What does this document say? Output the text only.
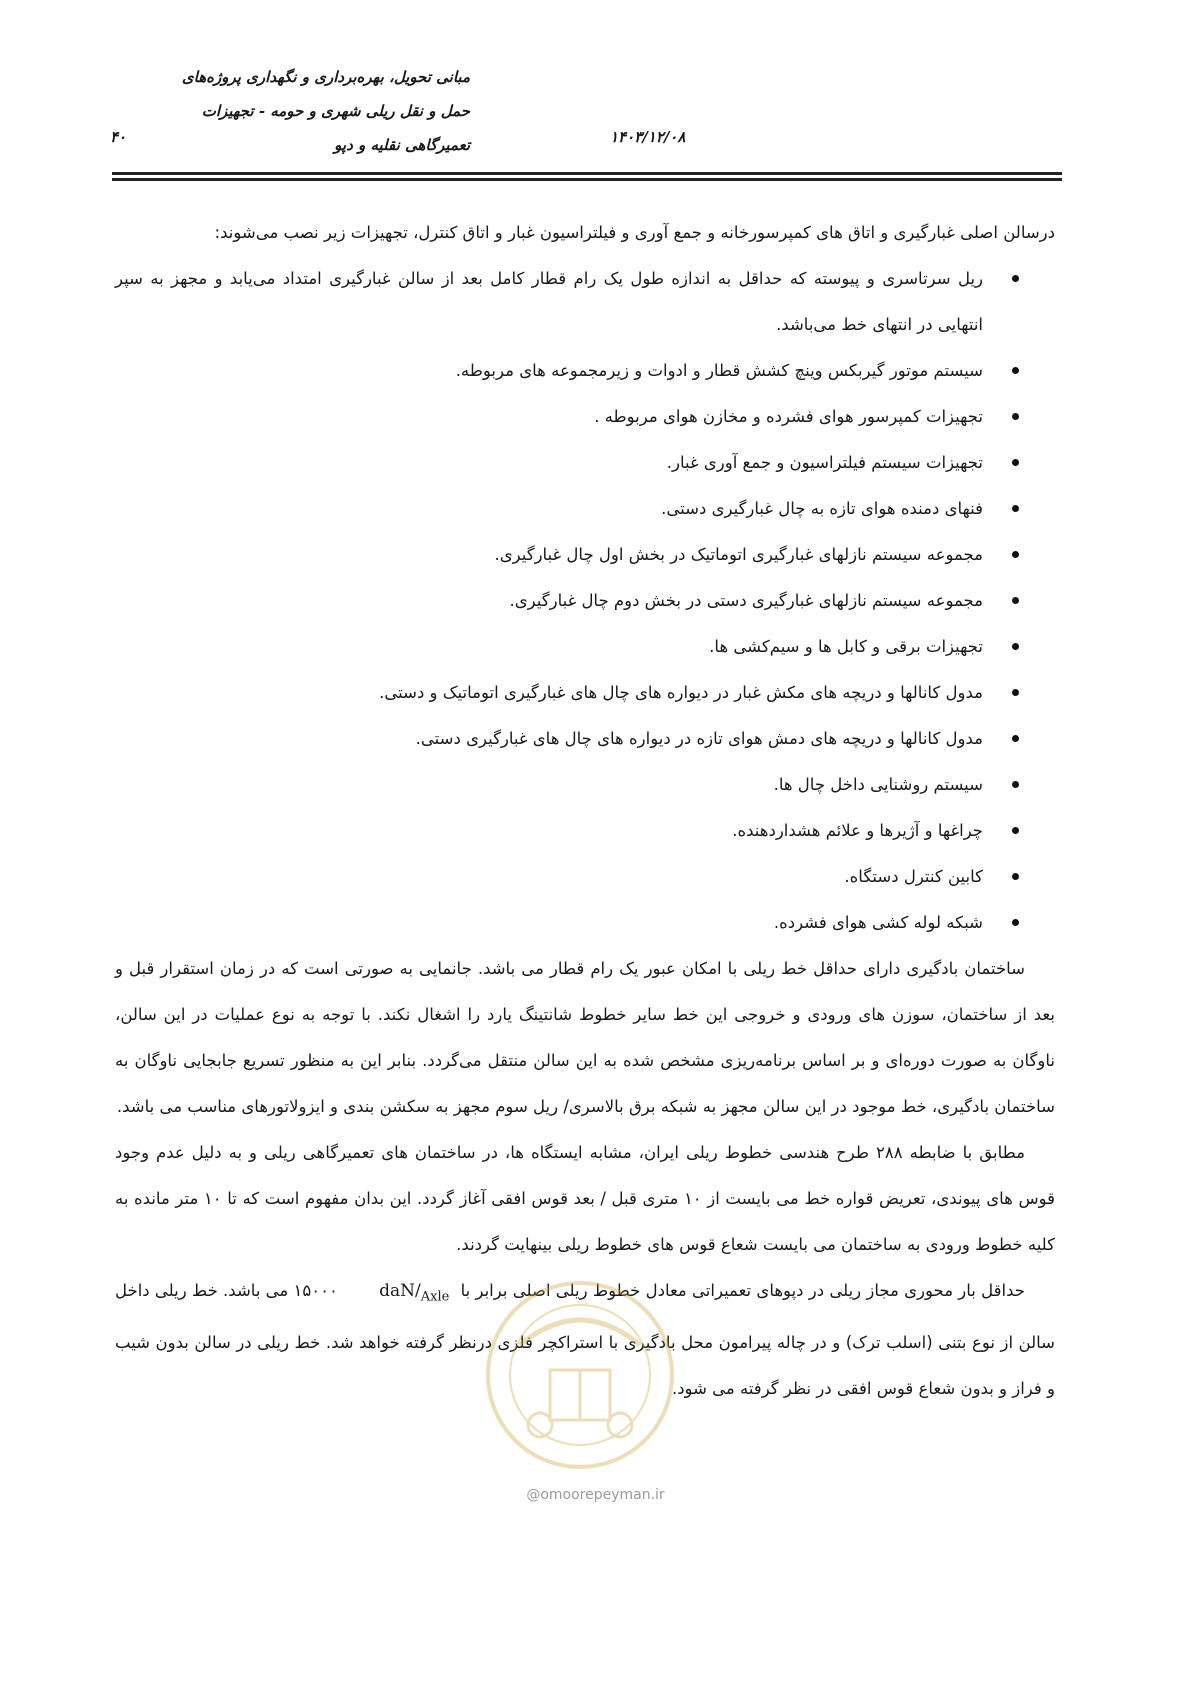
مبانی تحویل، بهره‌برداری و نگهداری پروژه‌های
حمل و نقل ریلی شهری و حومه - تجهیزات
تعمیرگاهی نقلیه و دپو	۱۴۰۳/۱۲/۰۸
۴۰

درسالن اصلی غبارگیری و اتاق های کمپرسورخانه و جمع آوری و فیلتراسیون غبار و اتاق کنترل، تجهیزات زیر نصب می‌شوند:

ریل سرتاسری و پیوسته که حداقل به اندازه طول یک رام قطار کامل بعد از سالن غبارگیری امتداد می‌یابد و مجهز به سپر انتهایی در انتهای خط می‌باشد.
سیستم موتور گیربکس وینچ کشش قطار و ادوات و زیرمجموعه های مربوطه.
تجهیزات کمپرسور هوای فشرده و مخازن هوای مربوطه .
تجهیزات سیستم فیلتراسیون و جمع آوری غبار.
فنهای دمنده هوای تازه به چال غبارگیری دستی.
مجموعه سیستم نازلهای غبارگیری اتوماتیک در بخش اول چال غبارگیری.
مجموعه سیستم نازلهای غبارگیری دستی در بخش دوم چال غبارگیری.
تجهیزات برقی و کابل ها و سیم‌کشی ها.
مدول کانالها و دریچه های مکش غبار در دیواره های چال های غبارگیری اتوماتیک و دستی.
مدول کانالها و دریچه های دمش هوای تازه در دیواره های چال های غبارگیری دستی.
سیستم روشنایی داخل چال ها.
چراغها و آژیرها و علائم هشداردهنده.
کابین کنترل دستگاه.
شبکه لوله کشی هوای فشرده.

ساختمان بادگیری دارای حداقل خط ریلی با امکان عبور یک رام قطار می باشد. جانمایی به صورتی است که در زمان استقرار قبل و بعد از ساختمان، سوزن های ورودی و خروجی این خط سایر خطوط شانتینگ یارد را اشغال نکند. با توجه به نوع عملیات در این سالن، ناوگان به صورت دوره‌ای و بر اساس برنامه‌ریزی مشخص شده به این سالن منتقل می‌گردد. بنابر این به منظور تسریع جابجایی ناوگان به ساختمان بادگیری، خط موجود در این سالن مجهز به شبکه برق بالاسری/ ریل سوم مجهز به سکشن بندی و ایزولاتورهای مناسب می باشد.

مطابق با ضابطه ۲۸۸ طرح هندسی خطوط ریلی ایران، مشابه ایستگاه ها، در ساختمان های تعمیرگاهی ریلی و به دلیل عدم وجود قوس های پیوندی، تعریض قواره خط می بایست از ۱۰ متری قبل / بعد قوس افقی آغاز گردد. این بدان مفهوم است که تا ۱۰ متر مانده به کلیه خطوط ورودی به ساختمان می بایست شعاع قوس های خطوط ریلی بینهایت گردند.

حداقل بار محوری مجاز ریلی در دپوهای تعمیراتی معادل خطوط ریلی اصلی برابر با daN/$_{Axle}$ ۱۵۰۰۰ می باشد. خط ریلی داخل سالن از نوع بتنی (اسلب ترک) و در چاله پیرامون محل بادگیری با استراکچر فلزی درنظر گرفته خواهد شد. خط ریلی در سالن بدون شیب و فراز و بدون شعاع قوس افقی در نظر گرفته می شود.

@omoorepeyman.ir
